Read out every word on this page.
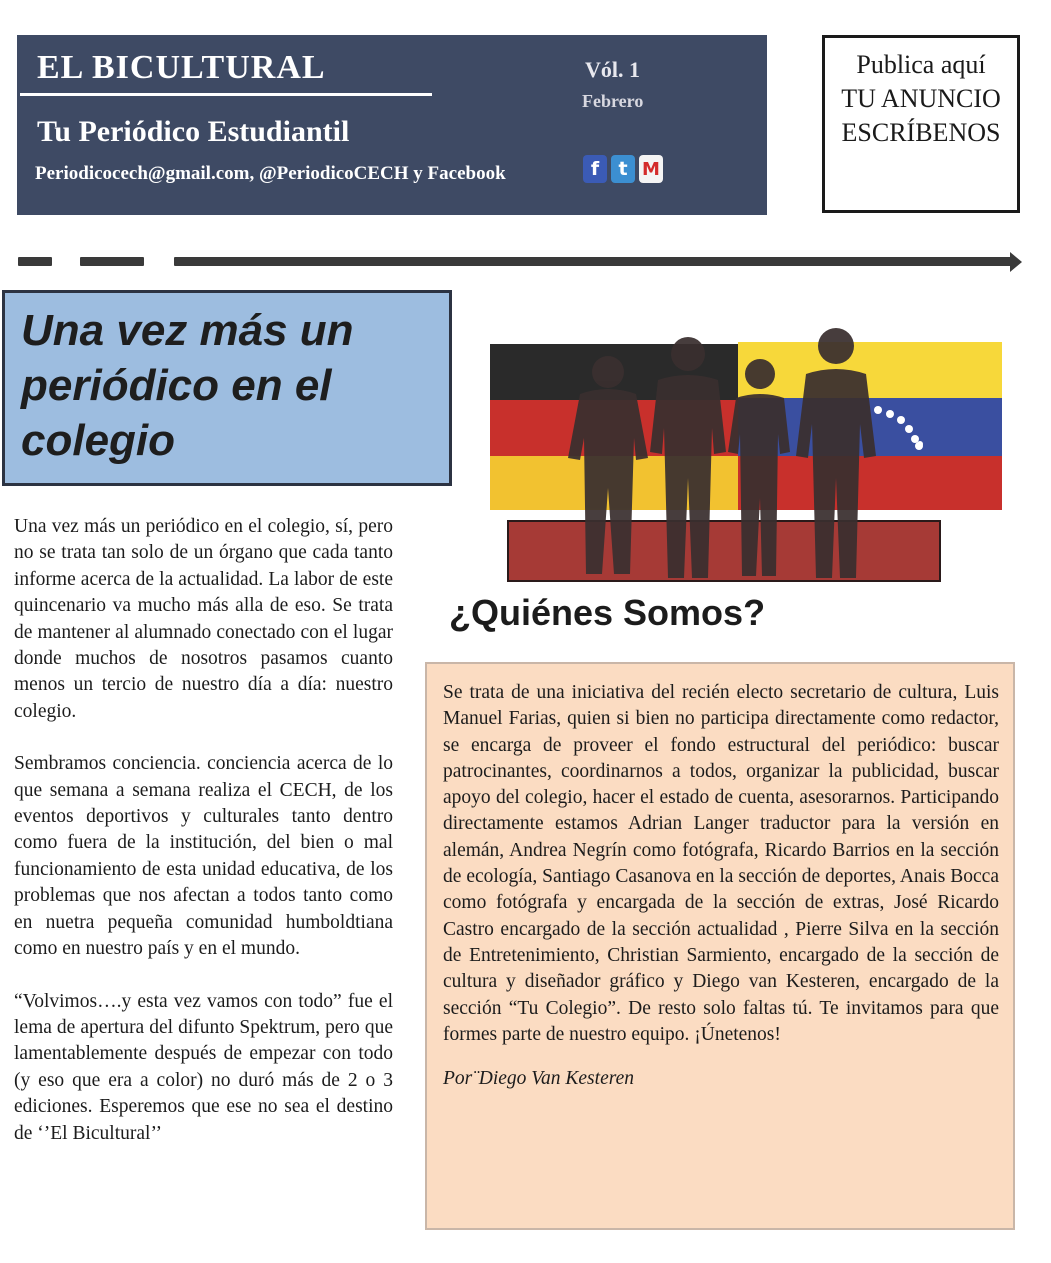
EL BICULTURAL
Tu Periódico Estudiantil
Vól. 1
Febrero
Periodicocech@gmail.com, @PeriodicoCECH y Facebook	f	t M
Publica aquí
TU ANUNCIO
ESCRÍBENOS
Una vez más un periódico en el colegio

Una vez más un periódico en el colegio, sí, pero no se trata tan solo de un órgano que cada tanto informe acerca de la actualidad. La labor de este quincenario va mucho más alla de eso. Se trata de mantener al alumnado conectado con el lugar donde muchos de nosotros pasamos cuanto menos un tercio de nuestro día a día: nuestro colegio.

Sembramos conciencia. conciencia acerca de lo que semana a semana realiza el CECH, de los eventos deportivos y culturales tanto dentro como fuera de la institución, del bien o mal funcionamiento de esta unidad educativa, de los problemas que nos afectan a todos tanto como en nuetra pequeña comunidad humboldtiana como en nuestro país y en el mundo.

“Volvimos….y esta vez vamos con todo” fue el lema de apertura del difunto Spektrum, pero que lamentablemente después de empezar con todo (y eso que era a color) no duró más de 2 o 3 ediciones. Esperemos que ese no sea el destino de ‘’El Bicultural’’

¿Quiénes Somos?

Se trata de una iniciativa del recién electo secretario de cultura, Luis Manuel Farias, quien si bien no participa directamente como redactor, se encarga de proveer el fondo estructural del periódico: buscar patrocinantes, coordinarnos a todos, organizar la publicidad, buscar apoyo del colegio, hacer el estado de cuenta, asesorarnos. Participando directamente estamos Adrian Langer traductor para la versión en alemán, Andrea Negrín como fotógrafa, Ricardo Barrios en la sección de ecología, Santiago Casanova en la sección de deportes, Anais Bocca como fotógrafa y encargada de la sección de extras, José Ricardo Castro encargado de la sección actualidad , Pierre Silva en la sección de Entretenimiento, Christian Sarmiento, encargado de la sección de cultura y diseñador gráfico y Diego van Kesteren, encargado de la sección “Tu Colegio”. De resto solo faltas tú. Te invitamos para que formes parte de nuestro equipo. ¡Únetenos!

Por¨Diego Van Kesteren
